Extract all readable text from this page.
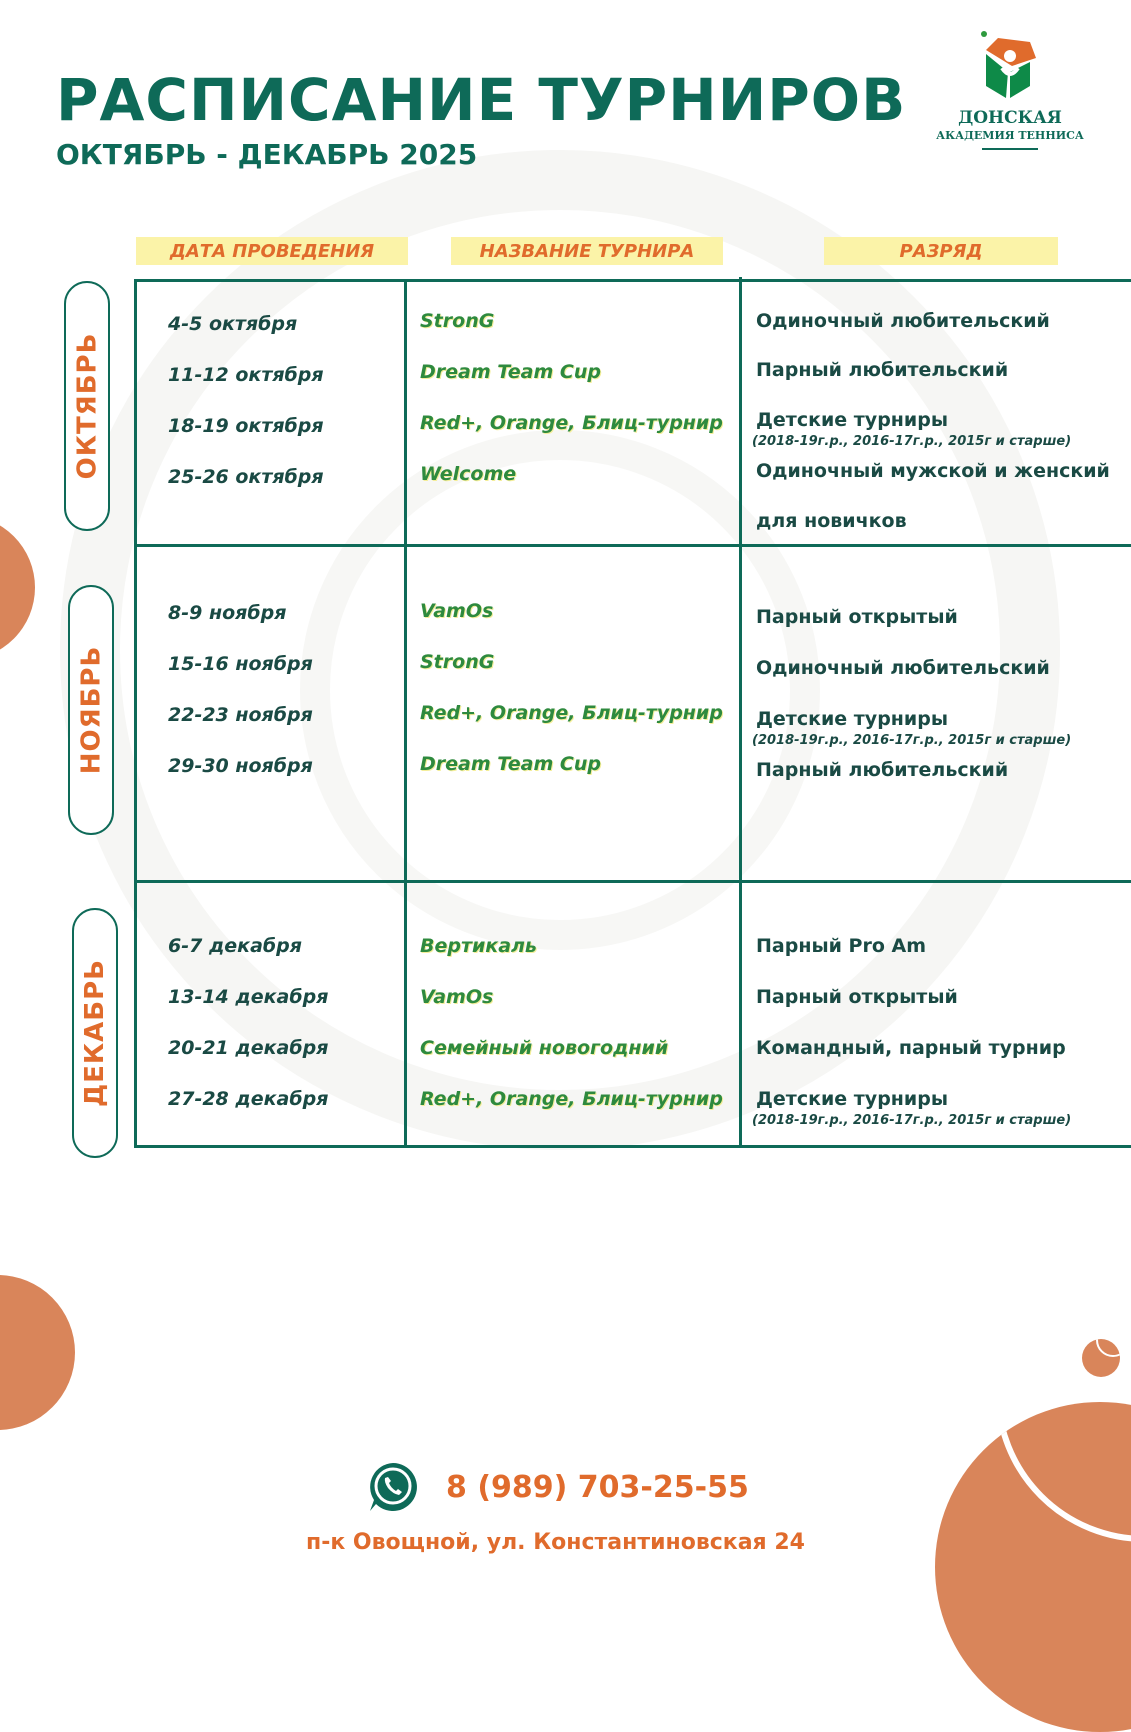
РАСПИСАНИЕ ТУРНИРОВ
ОКТЯБРЬ - ДЕКАБРЬ 2025
ДОНСКАЯ
АКАДЕМИЯ ТЕННИСА
ДАТА ПРОВЕДЕНИЯ	НАЗВАНИЕ ТУРНИРА	РАЗРЯД
ОКТЯБРЬ
НОЯБРЬ
ДЕКАБРЬ
4-5 октября
11-12 октября
18-19 октября
25-26 октября
StronG
Dream Team Cup
Red+, Orange, Блиц-турнир
Welcome
Одиночный любительский
Парный любительский
Детские турниры
(2018-19г.р., 2016-17г.р., 2015г и старше)
Одиночный мужской и женский
для новичков
8-9 ноября
15-16 ноября
22-23 ноября
29-30 ноября
VamOs
StronG
Red+, Orange, Блиц-турнир
Dream Team Cup
Парный открытый
Одиночный любительский
Детские турниры
(2018-19г.р., 2016-17г.р., 2015г и старше)
Парный любительский
6-7 декабря
13-14 декабря
20-21 декабря
27-28 декабря
Вертикаль
VamOs
Семейный новогодний
Red+, Orange, Блиц-турнир
Парный Pro Am
Парный открытый
Командный, парный турнир
Детские турниры
(2018-19г.р., 2016-17г.р., 2015г и старше)
8 (989) 703-25-55
п-к Овощной, ул. Константиновская 24
